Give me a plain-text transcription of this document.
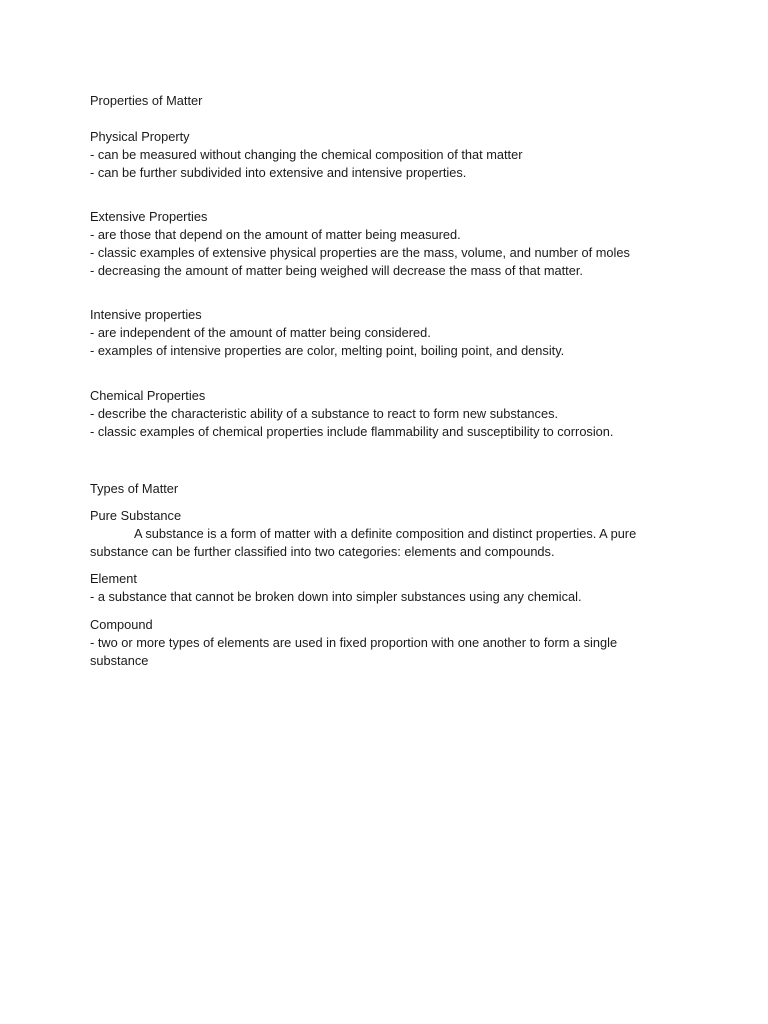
Properties of Matter

Physical Property

- can be measured without changing the chemical composition of that matter

- can be further subdivided into extensive and intensive properties.

Extensive Properties

- are those that depend on the amount of matter being measured.

- classic examples of extensive physical properties are the mass, volume, and number of moles

- decreasing the amount of matter being weighed will decrease the mass of that matter.

Intensive properties

- are independent of the amount of matter being considered.

- examples of intensive properties are color, melting point, boiling point, and density.

Chemical Properties

- describe the characteristic ability of a substance to react to form new substances.

- classic examples of chemical properties include flammability and susceptibility to corrosion.

Types of Matter

Pure Substance

A substance is a form of matter with a definite composition and distinct properties. A pure substance can be further classified into two categories: elements and compounds.

Element

- a substance that cannot be broken down into simpler substances using any chemical.

Compound

- two or more types of elements are used in fixed proportion with one another to form a single

substance
